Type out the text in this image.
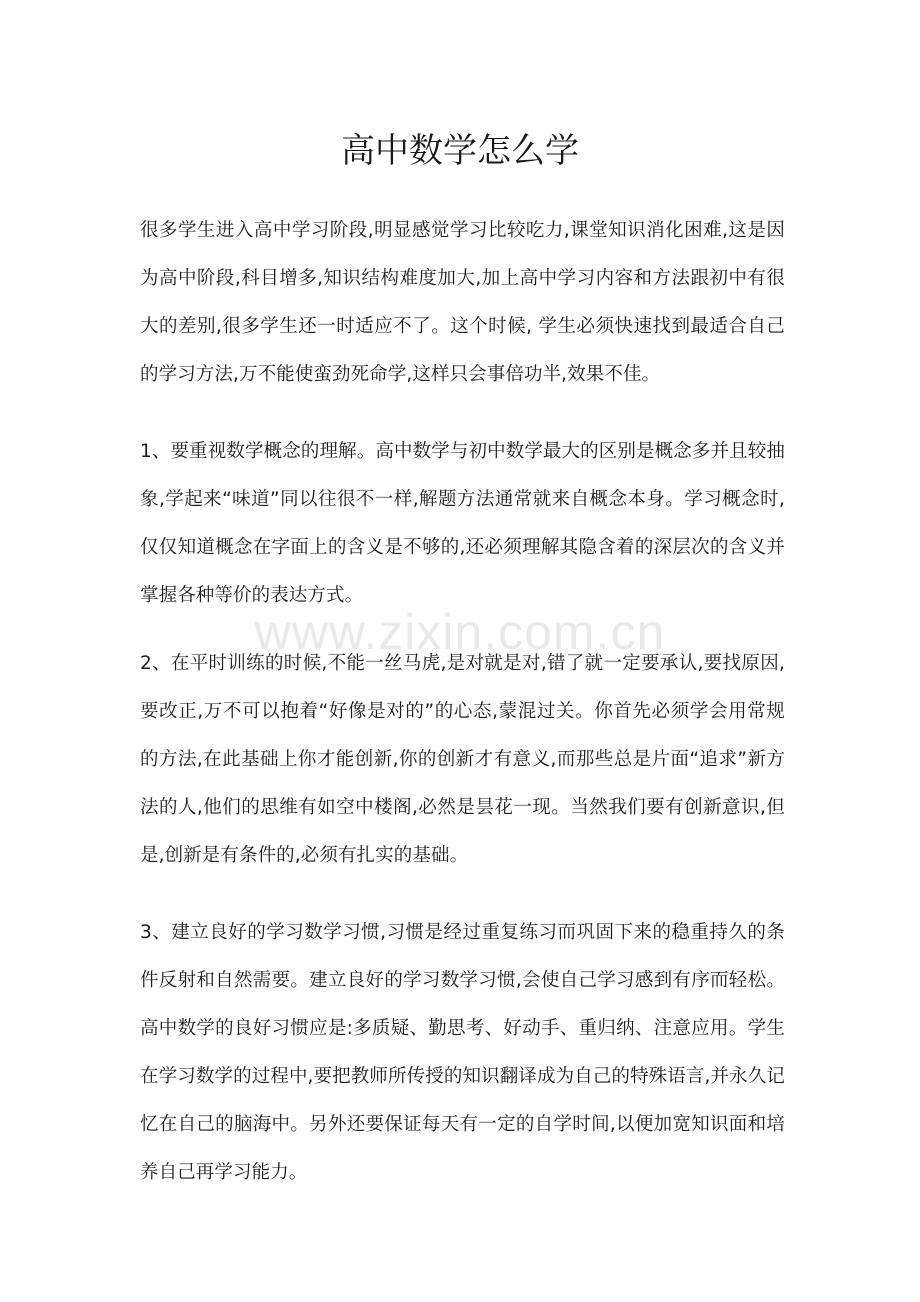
高中数学怎么学

很多学生进入高中学习阶段,明显感觉学习比较吃力,课堂知识消化困难,这是因为高中阶段,科目增多,知识结构难度加大,加上高中学习内容和方法跟初中有很大的差别,很多学生还一时适应不了。这个时候, 学生必须快速找到最适合自己的学习方法,万不能使蛮劲死命学,这样只会事倍功半,效果不佳。

1、要重视数学概念的理解。高中数学与初中数学最大的区别是概念多并且较抽象,学起来“味道”同以往很不一样,解题方法通常就来自概念本身。学习概念时,仅仅知道概念在字面上的含义是不够的,还必须理解其隐含着的深层次的含义并掌握各种等价的表达方式。

2、在平时训练的时候,不能一丝马虎,是对就是对,错了就一定要承认,要找原因,要改正,万不可以抱着“好像是对的”的心态,蒙混过关。你首先必须学会用常规的方法,在此基础上你才能创新,你的创新才有意义,而那些总是片面“追求”新方法的人,他们的思维有如空中楼阁,必然是昙花一现。当然我们要有创新意识,但是,创新是有条件的,必须有扎实的基础。

3、建立良好的学习数学习惯,习惯是经过重复练习而巩固下来的稳重持久的条件反射和自然需要。建立良好的学习数学习惯,会使自己学习感到有序而轻松。高中数学的良好习惯应是:多质疑、勤思考、好动手、重归纳、注意应用。学生在学习数学的过程中,要把教师所传授的知识翻译成为自己的特殊语言,并永久记忆在自己的脑海中。另外还要保证每天有一定的自学时间,以便加宽知识面和培养自己再学习能力。

www.zixin.com.cn
